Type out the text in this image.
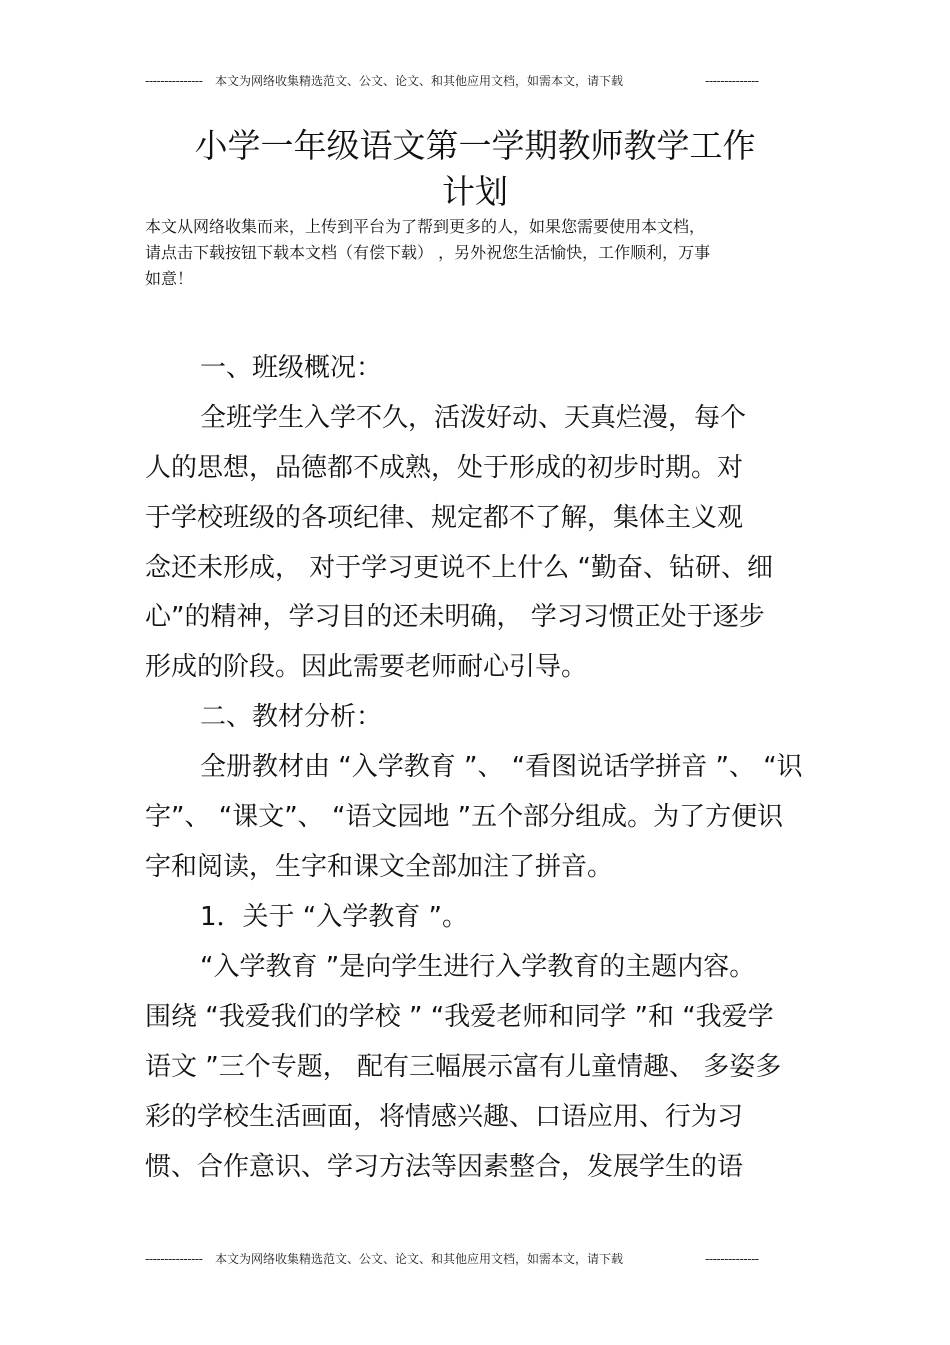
--------------- 本文为网络收集精选范文、公文、论文、和其他应用文档，如需本文，请下载	--------------
小学一年级语文第一学期教师教学工作
计划
本文从网络收集而来，上传到平台为了帮到更多的人，如果您需要使用本文档，
请点击下载按钮下载本文档（有偿下载） ，另外祝您生活愉快，工作顺利，万事
如意！
一、班级概况：
全班学生入学不久，活泼好动、天真烂漫，每个
人的思想，品德都不成熟，处于形成的初步时期。对
于学校班级的各项纪律、规定都不了解，集体主义观
念还未形成， 对于学习更说不上什么 “勤奋、钻研、细
心”的精神，学习目的还未明确， 学习习惯正处于逐步
形成的阶段。因此需要老师耐心引导。
二、教材分析：
全册教材由 “入学教育 ”、 “看图说话学拼音 ”、 “识
字”、 “课文”、 “语文园地 ”五个部分组成。为了方便识
字和阅读，生字和课文全部加注了拼音。
1．关于 “入学教育 ”。
“入学教育 ”是向学生进行入学教育的主题内容。
围绕 “我爱我们的学校 ” “我爱老师和同学 ”和 “我爱学
语文 ”三个专题， 配有三幅展示富有儿童情趣、 多姿多
彩的学校生活画面，将情感兴趣、口语应用、行为习
惯、合作意识、学习方法等因素整合，发展学生的语
--------------- 本文为网络收集精选范文、公文、论文、和其他应用文档，如需本文，请下载	--------------
